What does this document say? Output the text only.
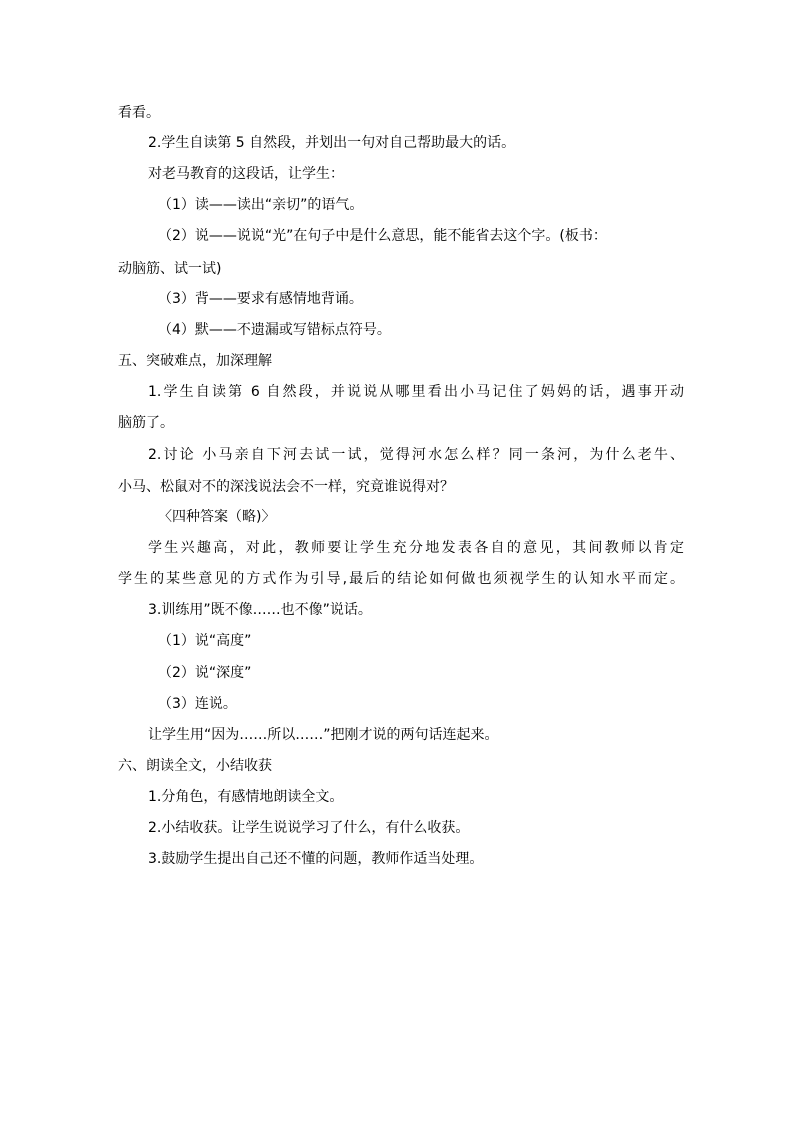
看看。
2.学生自读第 5 自然段，并划出一句对自己帮助最大的话。
对老马教育的这段话，让学生：
（1）读——读出“亲切”的语气。
（2）说——说说“光”在句子中是什么意思，能不能省去这个字。(板书：
动脑筋、试一试)
（3）背——要求有感情地背诵。
（4）默——不遗漏或写错标点符号。
五、突破难点，加深理解
1.学生自读第 6 自然段，并说说从哪里看出小马记住了妈妈的话，遇事开动
脑筋了。
2.讨论 小马亲自下河去试一试，觉得河水怎么样？同一条河，为什么老牛、
小马、松鼠对不的深浅说法会不一样，究竟谁说得对？
〈四种答案（略)〉
学生兴趣高，对此，教师要让学生充分地发表各自的意见，其间教师以肯定
学生的某些意见的方式作为引导,最后的结论如何做也须视学生的认知水平而定。
3.训练用”既不像……也不像”说话。
（1）说“高度”
（2）说“深度”
（3）连说。
让学生用“因为……所以……”把刚才说的两句话连起来。
六、朗读全文，小结收获
1.分角色，有感情地朗读全文。
2.小结收获。让学生说说学习了什么，有什么收获。
3.鼓励学生提出自己还不懂的问题，教师作适当处理。
